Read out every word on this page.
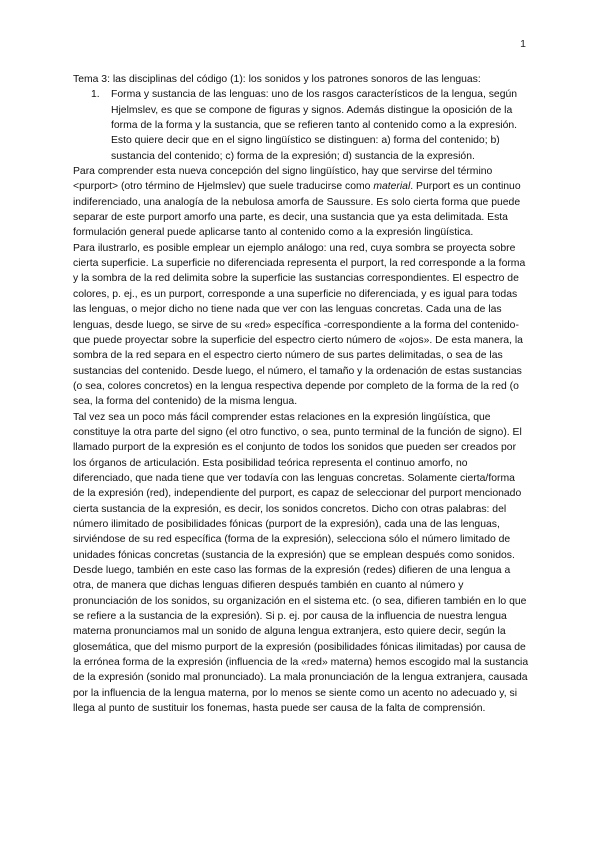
1

Tema 3: las disciplinas del código (1): los sonidos y los patrones sonoros de las lenguas:

1.	Forma y sustancia de las lenguas: uno de los rasgos característicos de la lengua, según Hjelmslev, es que se compone de figuras y signos. Además distingue la oposición de la forma de la forma y la sustancia, que se refieren tanto al contenido como a la expresión. Esto quiere decir que en el signo lingüístico se distinguen: a) forma del contenido; b) sustancia del contenido; c) forma de la expresión; d) sustancia de la expresión.

Para comprender esta nueva concepción del signo lingüístico, hay que servirse del término <purport> (otro término de Hjelmslev) que suele traducirse como material. Purport es un continuo indiferenciado, una analogía de la nebulosa amorfa de Saussure. Es solo cierta forma que puede separar de este purport amorfo una parte, es decir, una sustancia que ya esta delimitada. Esta formulación general puede aplicarse tanto al contenido como a la expresión lingüística.

Para ilustrarlo, es posible emplear un ejemplo análogo: una red, cuya sombra se proyecta sobre cierta superficie. La superficie no diferenciada representa el purport, la red corresponde a la forma y la sombra de la red delimita sobre la superficie las sustancias correspondientes. El espectro de colores, p. ej., es un purport, corresponde a una superficie no diferenciada, y es igual para todas las lenguas, o mejor dicho no tiene nada que ver con las lenguas concretas. Cada una de las lenguas, desde luego, se sirve de su «red» específica -correspondiente a la forma del contenido- que puede proyectar sobre la superficie del espectro cierto número de «ojos». De esta manera, la sombra de la red separa en el espectro cierto número de sus partes delimitadas, o sea de las sustancias del contenido. Desde luego, el número, el tamaño y la ordenación de estas sustancias (o sea, colores concretos) en la lengua respectiva depende por completo de la forma de la red (o sea, la forma del contenido) de la misma lengua.

Tal vez sea un poco más fácil comprender estas relaciones en la expresión lingüística, que constituye la otra parte del signo (el otro functivo, o sea, punto terminal de la función de signo). El llamado purport de la expresión es el conjunto de todos los sonidos que pueden ser creados por los órganos de articulación. Esta posibilidad teórica representa el continuo amorfo, no diferenciado, que nada tiene que ver todavía con las lenguas concretas. Solamente cierta/forma de la expresión (red), independiente del purport, es capaz de seleccionar del purport mencionado cierta sustancia de la expresión, es decir, los sonidos concretos. Dicho con otras palabras: del número ilimitado de posibilidades fónicas (purport de la expresión), cada una de las lenguas, sirviéndose de su red específica (forma de la expresión), selecciona sólo el número limitado de unidades fónicas concretas (sustancia de la expresión) que se emplean después como sonidos.

Desde luego, también en este caso las formas de la expresión (redes) difieren de una lengua a otra, de manera que dichas lenguas difieren después también en cuanto al número y pronunciación de los sonidos, su organización en el sistema etc. (o sea, difieren también en lo que se refiere a la sustancia de la expresión). Si p. ej. por causa de la influencia de nuestra lengua materna pronunciamos mal un sonido de alguna lengua extranjera, esto quiere decir, según la glosemática, que del mismo purport de la expresión (posibilidades fónicas ilimitadas) por causa de la errónea forma de la expresión (influencia de la «red» materna) hemos escogido mal la sustancia de la expresión (sonido mal pronunciado). La mala pronunciación de la lengua extranjera, causada por la influencia de la lengua materna, por lo menos se siente como un acento no adecuado y, si llega al punto de sustituir los fonemas, hasta puede ser causa de la falta de comprensión.
